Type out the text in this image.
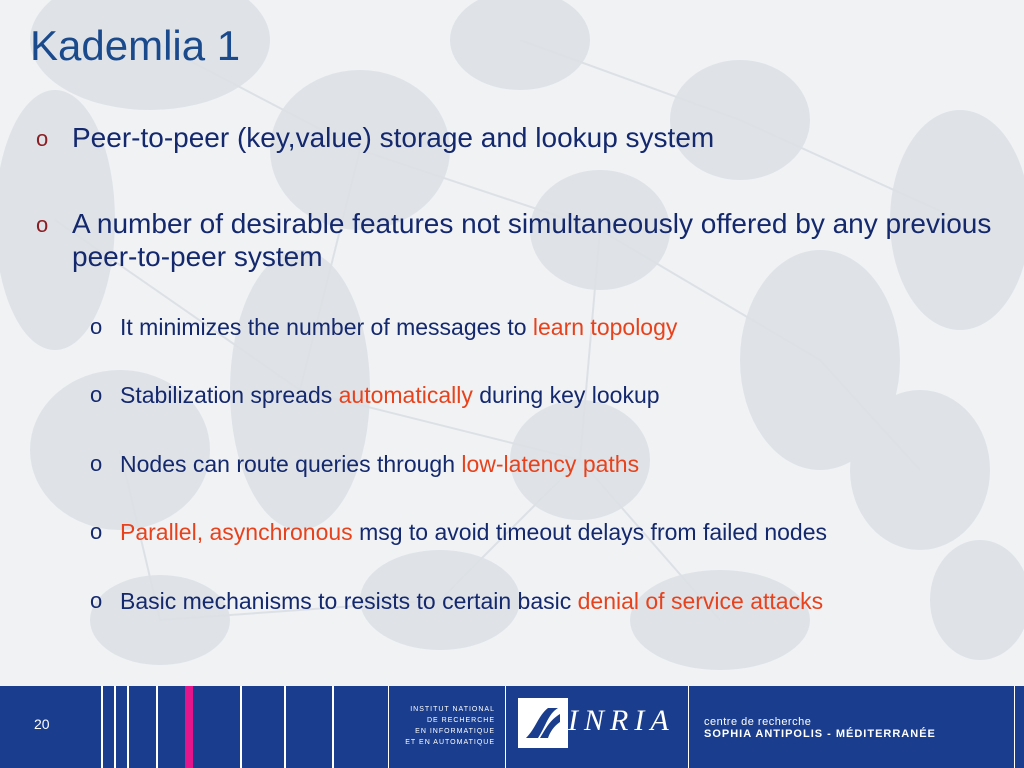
Kademlia 1
o Peer-to-peer (key,value) storage and lookup system
o A number of desirable features not simultaneously offered by any previous peer-to-peer system
o It minimizes the number of messages to learn topology
o Stabilization spreads automatically during key lookup
o Nodes can route queries through low-latency paths
o Parallel, asynchronous msg to avoid timeout delays from failed nodes
o Basic mechanisms to resists to certain basic denial of service attacks
20
INSTITUT NATIONAL
DE RECHERCHE
EN INFORMATIQUE
ET EN AUTOMATIQUE
INRIA	centre de recherche
SOPHIA ANTIPOLIS - MÉDITERRANÉE
